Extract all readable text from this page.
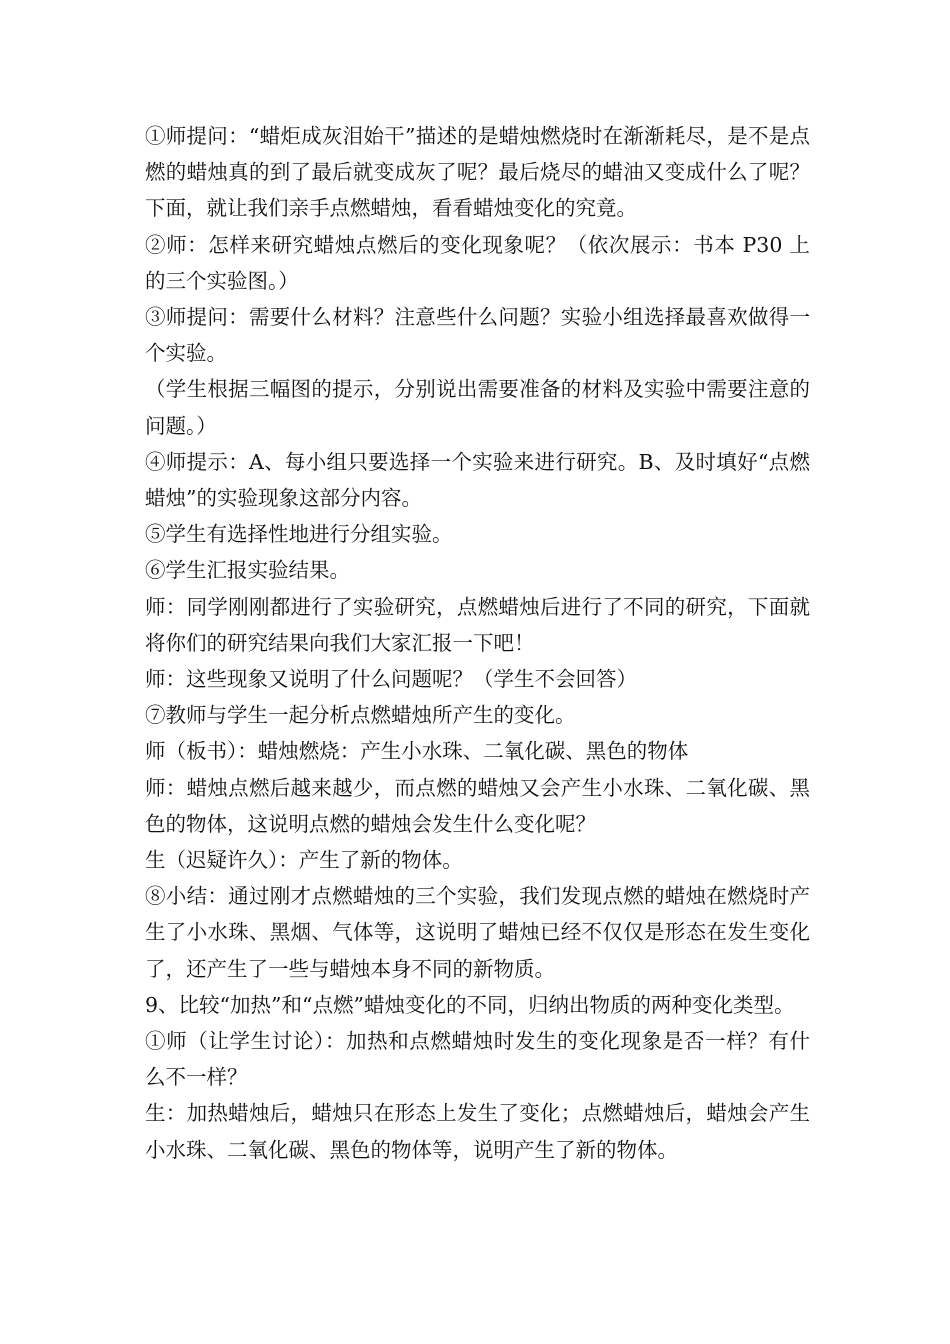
①师提问：“蜡炬成灰泪始干”描述的是蜡烛燃烧时在渐渐耗尽，是不是点燃的蜡烛真的到了最后就变成灰了呢？最后烧尽的蜡油又变成什么了呢？下面，就让我们亲手点燃蜡烛，看看蜡烛变化的究竟。

②师：怎样来研究蜡烛点燃后的变化现象呢？（依次展示：书本 P30 上的三个实验图。）

③师提问：需要什么材料？注意些什么问题？实验小组选择最喜欢做得一个实验。

（学生根据三幅图的提示，分别说出需要准备的材料及实验中需要注意的问题。）

④师提示：A、每小组只要选择一个实验来进行研究。B、及时填好“点燃蜡烛”的实验现象这部分内容。

⑤学生有选择性地进行分组实验。

⑥学生汇报实验结果。

师：同学刚刚都进行了实验研究，点燃蜡烛后进行了不同的研究，下面就将你们的研究结果向我们大家汇报一下吧！

师：这些现象又说明了什么问题呢？（学生不会回答）

⑦教师与学生一起分析点燃蜡烛所产生的变化。

师（板书）：蜡烛燃烧：产生小水珠、二氧化碳、黑色的物体

师：蜡烛点燃后越来越少，而点燃的蜡烛又会产生小水珠、二氧化碳、黑色的物体，这说明点燃的蜡烛会发生什么变化呢？

生（迟疑许久）：产生了新的物体。

⑧小结：通过刚才点燃蜡烛的三个实验，我们发现点燃的蜡烛在燃烧时产生了小水珠、黑烟、气体等，这说明了蜡烛已经不仅仅是形态在发生变化了，还产生了一些与蜡烛本身不同的新物质。

9、比较“加热”和“点燃”蜡烛变化的不同，归纳出物质的两种变化类型。

①师（让学生讨论）：加热和点燃蜡烛时发生的变化现象是否一样？有什么不一样？

生：加热蜡烛后，蜡烛只在形态上发生了变化；点燃蜡烛后，蜡烛会产生小水珠、二氧化碳、黑色的物体等，说明产生了新的物体。
